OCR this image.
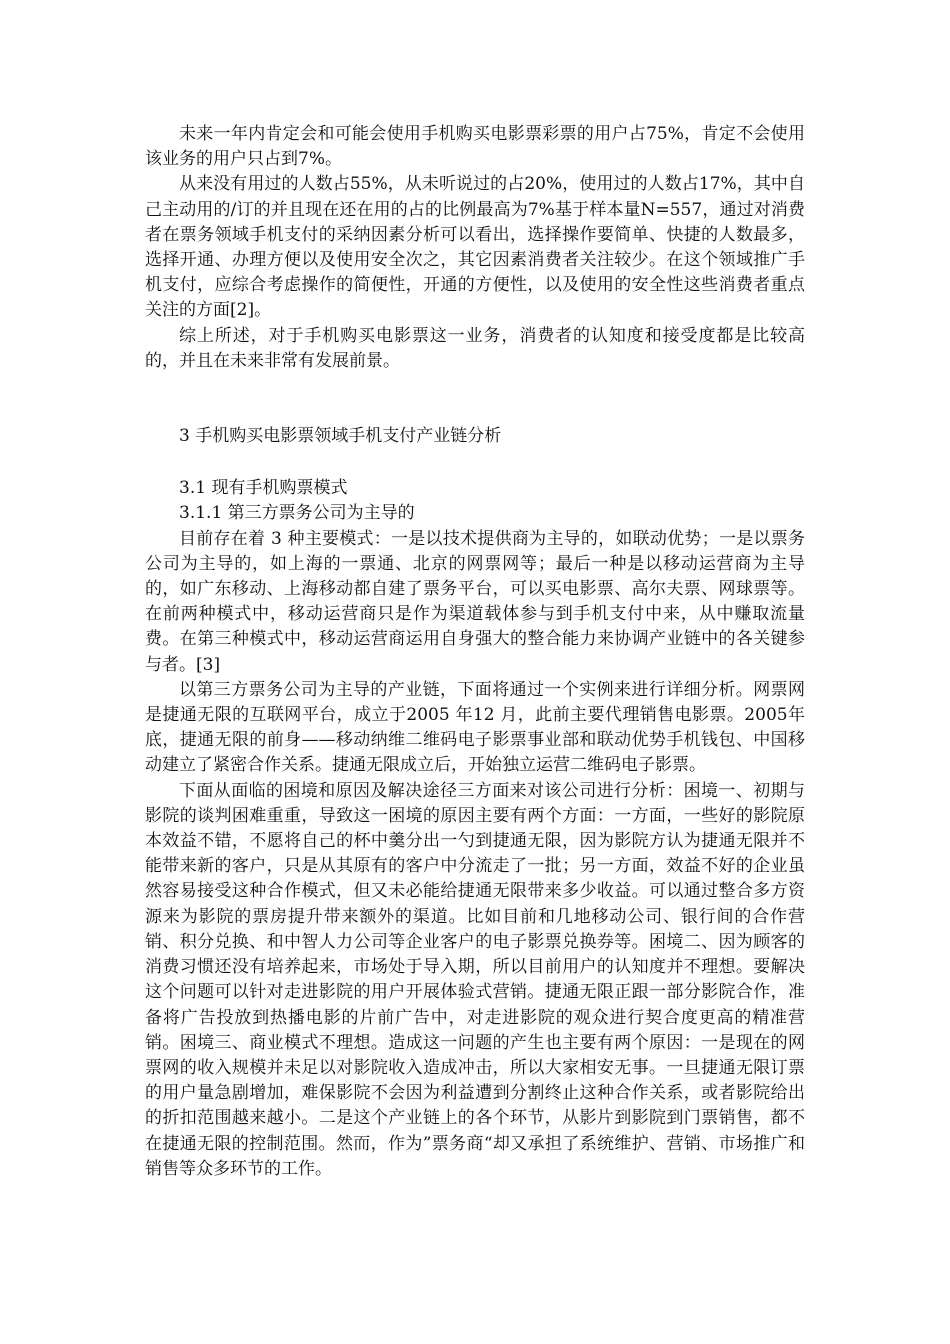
未来一年内肯定会和可能会使用手机购买电影票彩票的用户占75%，肯定不会使用该业务的用户只占到7%。

从来没有用过的人数占55%，从未听说过的占20%，使用过的人数占17%，其中自己主动用的/订的并且现在还在用的占的比例最高为7%基于样本量N=557，通过对消费者在票务领域手机支付的采纳因素分析可以看出，选择操作要简单、快捷的人数最多，选择开通、办理方便以及使用安全次之，其它因素消费者关注较少。在这个领域推广手机支付，应综合考虑操作的简便性，开通的方便性，以及使用的安全性这些消费者重点关注的方面[2]。

综上所述，对于手机购买电影票这一业务，消费者的认知度和接受度都是比较高的，并且在未来非常有发展前景。

3 手机购买电影票领域手机支付产业链分析

3.1 现有手机购票模式

3.1.1 第三方票务公司为主导的

目前存在着 3 种主要模式：一是以技术提供商为主导的，如联动优势；一是以票务公司为主导的，如上海的一票通、北京的网票网等；最后一种是以移动运营商为主导的，如广东移动、上海移动都自建了票务平台，可以买电影票、高尔夫票、网球票等。在前两种模式中，移动运营商只是作为渠道载体参与到手机支付中来，从中赚取流量费。在第三种模式中，移动运营商运用自身强大的整合能力来协调产业链中的各关键参与者。[3]

以第三方票务公司为主导的产业链，下面将通过一个实例来进行详细分析。网票网是捷通无限的互联网平台，成立于2005 年12 月，此前主要代理销售电影票。2005年底，捷通无限的前身——移动纳维二维码电子影票事业部和联动优势手机钱包、中国移动建立了紧密合作关系。捷通无限成立后，开始独立运营二维码电子影票。

下面从面临的困境和原因及解决途径三方面来对该公司进行分析：困境一、初期与影院的谈判困难重重，导致这一困境的原因主要有两个方面：一方面，一些好的影院原本效益不错，不愿将自己的杯中羹分出一勺到捷通无限，因为影院方认为捷通无限并不能带来新的客户，只是从其原有的客户中分流走了一批；另一方面，效益不好的企业虽然容易接受这种合作模式，但又未必能给捷通无限带来多少收益。可以通过整合多方资源来为影院的票房提升带来额外的渠道。比如目前和几地移动公司、银行间的合作营销、积分兑换、和中智人力公司等企业客户的电子影票兑换券等。困境二、因为顾客的消费习惯还没有培养起来，市场处于导入期，所以目前用户的认知度并不理想。要解决这个问题可以针对走进影院的用户开展体验式营销。捷通无限正跟一部分影院合作，准备将广告投放到热播电影的片前广告中，对走进影院的观众进行契合度更高的精准营销。困境三、商业模式不理想。造成这一问题的产生也主要有两个原因：一是现在的网票网的收入规模并未足以对影院收入造成冲击，所以大家相安无事。一旦捷通无限订票的用户量急剧增加，难保影院不会因为利益遭到分割终止这种合作关系，或者影院给出的折扣范围越来越小。二是这个产业链上的各个环节，从影片到影院到门票销售，都不在捷通无限的控制范围。然而，作为”票务商“却又承担了系统维护、营销、市场推广和销售等众多环节的工作。
